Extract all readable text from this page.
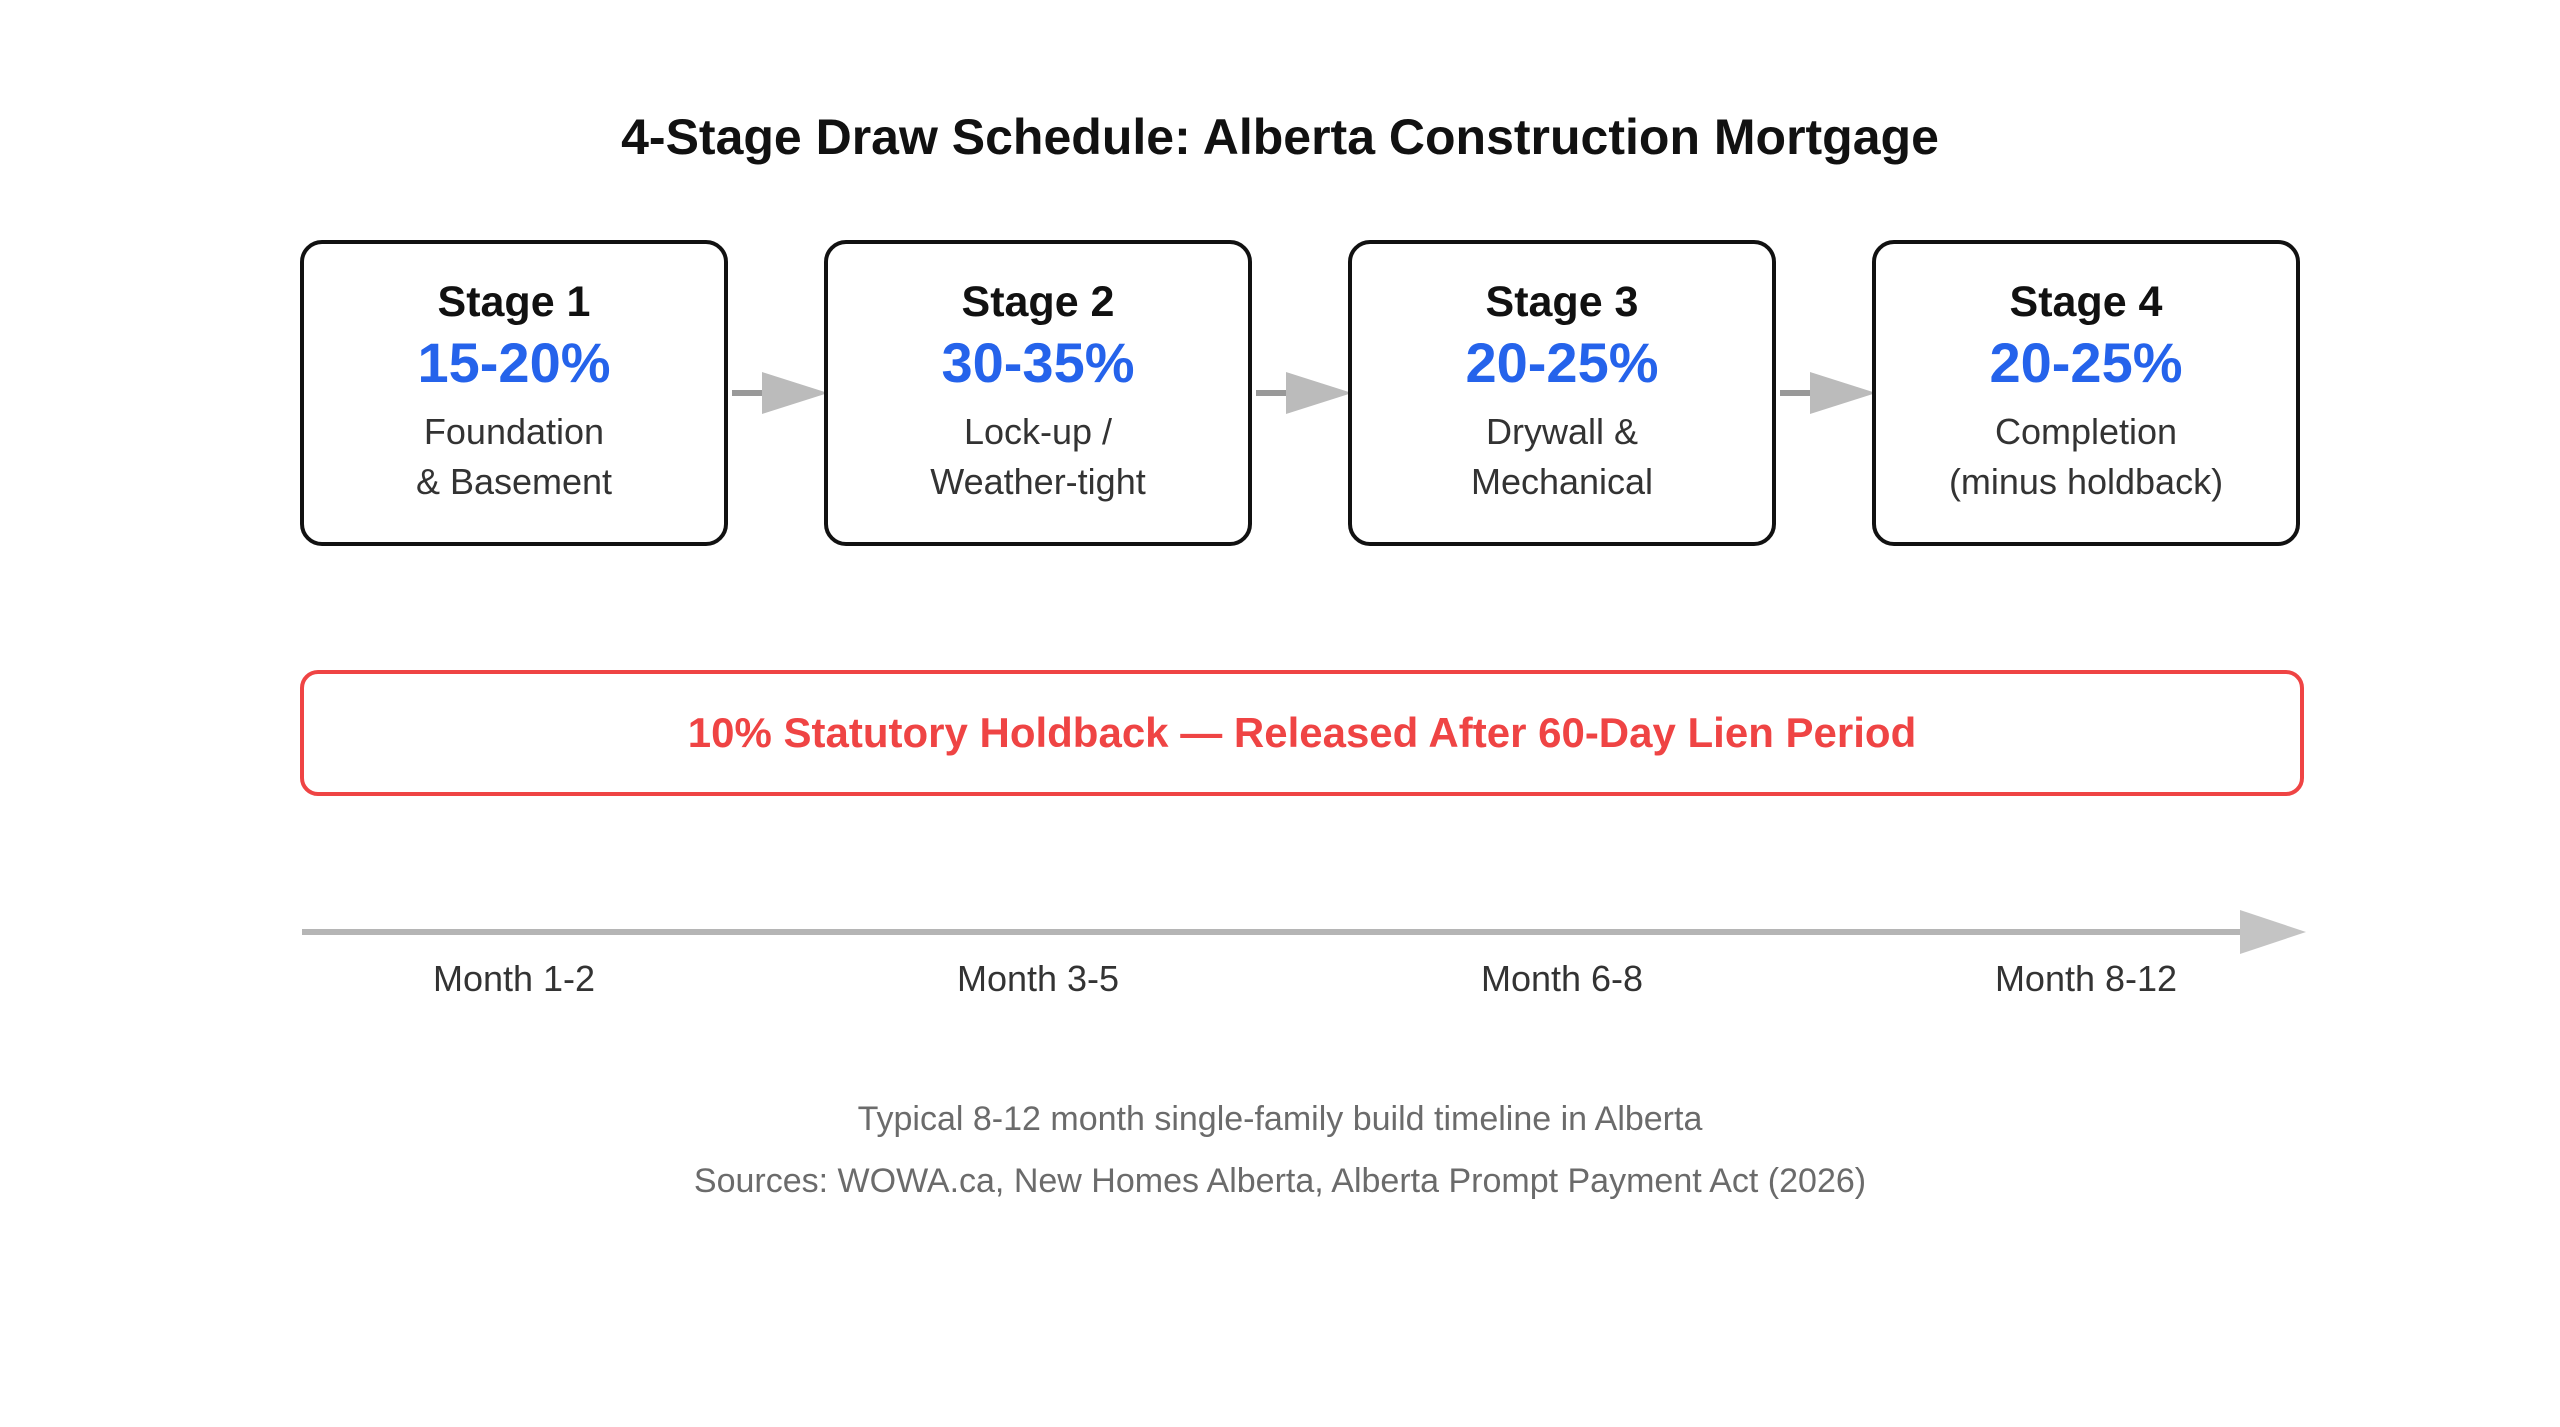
4-Stage Draw Schedule: Alberta Construction Mortgage
Stage 1
15-20%
Foundation
& Basement
Stage 2
30-35%
Lock-up /
Weather-tight
Stage 3
20-25%
Drywall &
Mechanical
Stage 4
20-25%
Completion
(minus holdback)
10% Statutory Holdback — Released After 60-Day Lien Period
Month 1-2	Month 3-5	Month 6-8	Month 8-12
Typical 8-12 month single-family build timeline in Alberta
Sources: WOWA.ca, New Homes Alberta, Alberta Prompt Payment Act (2026)
